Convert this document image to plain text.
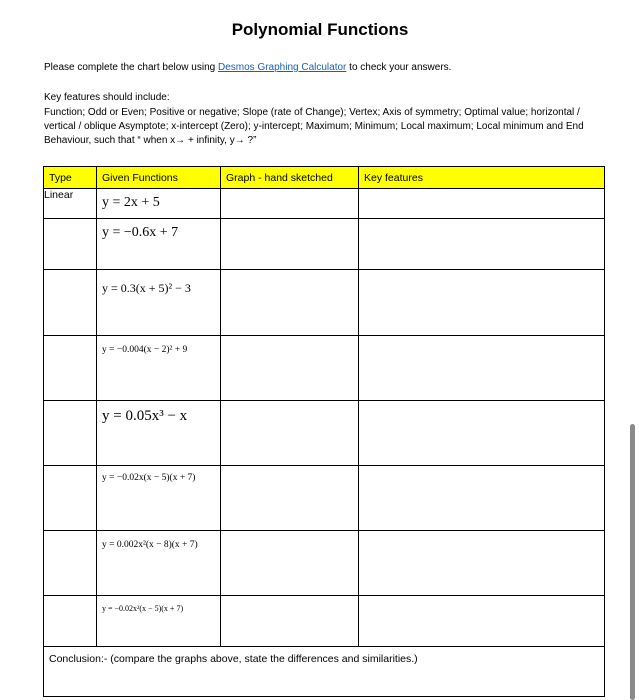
Polynomial Functions
Please complete the chart below using Desmos Graphing Calculator to check your answers.
Key features should include:
Function; Odd or Even; Positive or negative; Slope (rate of Change); Vertex; Axis of symmetry; Optimal value; horizontal / vertical / oblique Asymptote; x-intercept (Zero); y-intercept; Maximum; Minimum; Local maximum; Local minimum and End Behaviour, such that “ when x→ + infinity, y→ ?”
Type	Given Functions	Graph - hand sketched	Key features
Linear	y = 2x + 5		

	y = −0.6x + 7		

	y = 0.3(x + 5)² − 3		

	y = −0.004(x − 2)² + 9		

	y = 0.05x³ − x		

	y = −0.02x(x − 5)(x + 7)		

	y = 0.002x²(x − 8)(x + 7)		

	y = −0.02x²(x − 5)(x + 7)		

Conclusion:- (compare the graphs above, state the differences and similarities.)			
